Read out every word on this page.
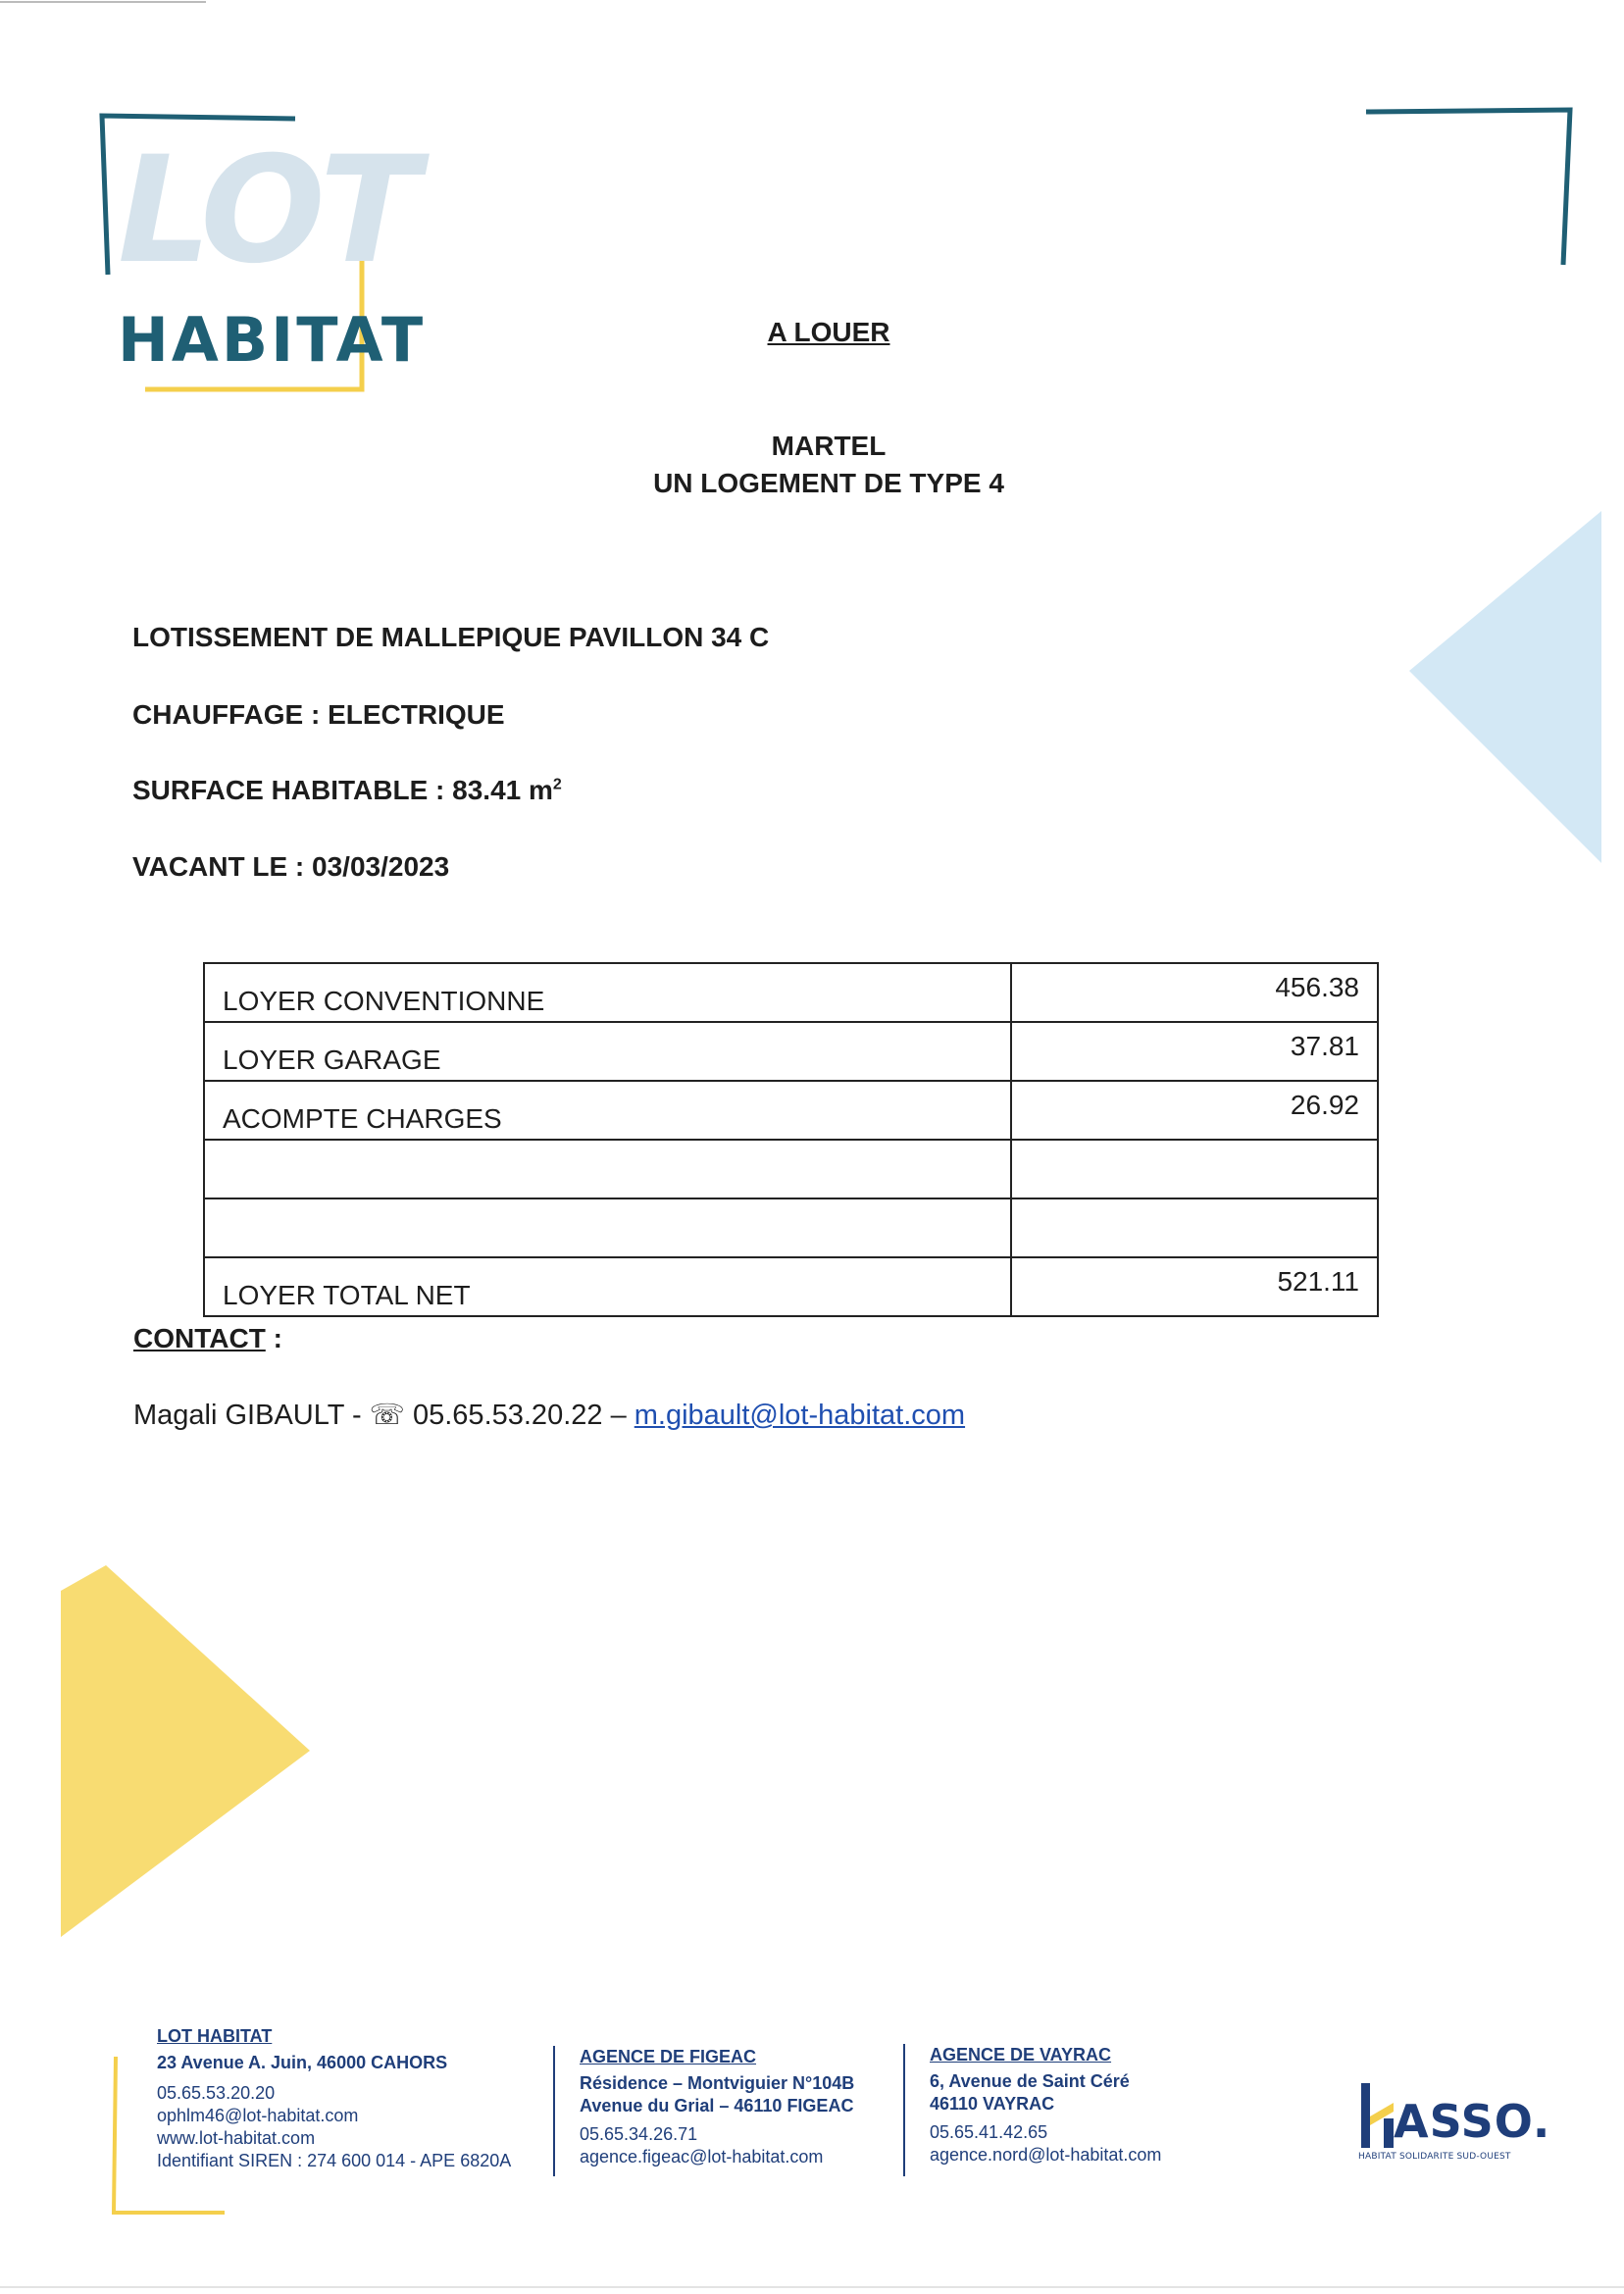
LOT
HABITAT	A LOUER
MARTEL
UN LOGEMENT DE TYPE 4
LOTISSEMENT DE MALLEPIQUE PAVILLON 34 C
CHAUFFAGE : ELECTRIQUE
SURFACE HABITABLE : 83.41 $m^2$
VACANT LE : 03/03/2023
LOYER CONVENTIONNE	456.38
LOYER GARAGE	37.81
ACOMPTE CHARGES	26.92

LOYER TOTAL NET	521.11
CONTACT :
Magali GIBAULT - ☏ 05.65.53.20.22 – m.gibault@lot-habitat.com
LOT HABITAT
23 Avenue A. Juin, 46000 CAHORS
05.65.53.20.20
ophlm46@lot-habitat.com
www.lot-habitat.com
Identifiant SIREN : 274 600 014 - APE 6820A
AGENCE DE FIGEAC
Résidence – Montviguier N°104B
Avenue du Grial – 46110 FIGEAC
05.65.34.26.71
agence.figeac@lot-habitat.com
AGENCE DE VAYRAC
6, Avenue de Saint Céré
46110 VAYRAC
05.65.41.42.65
agence.nord@lot-habitat.com
ASSO.
HABITAT SOLIDARITE SUD-OUEST
